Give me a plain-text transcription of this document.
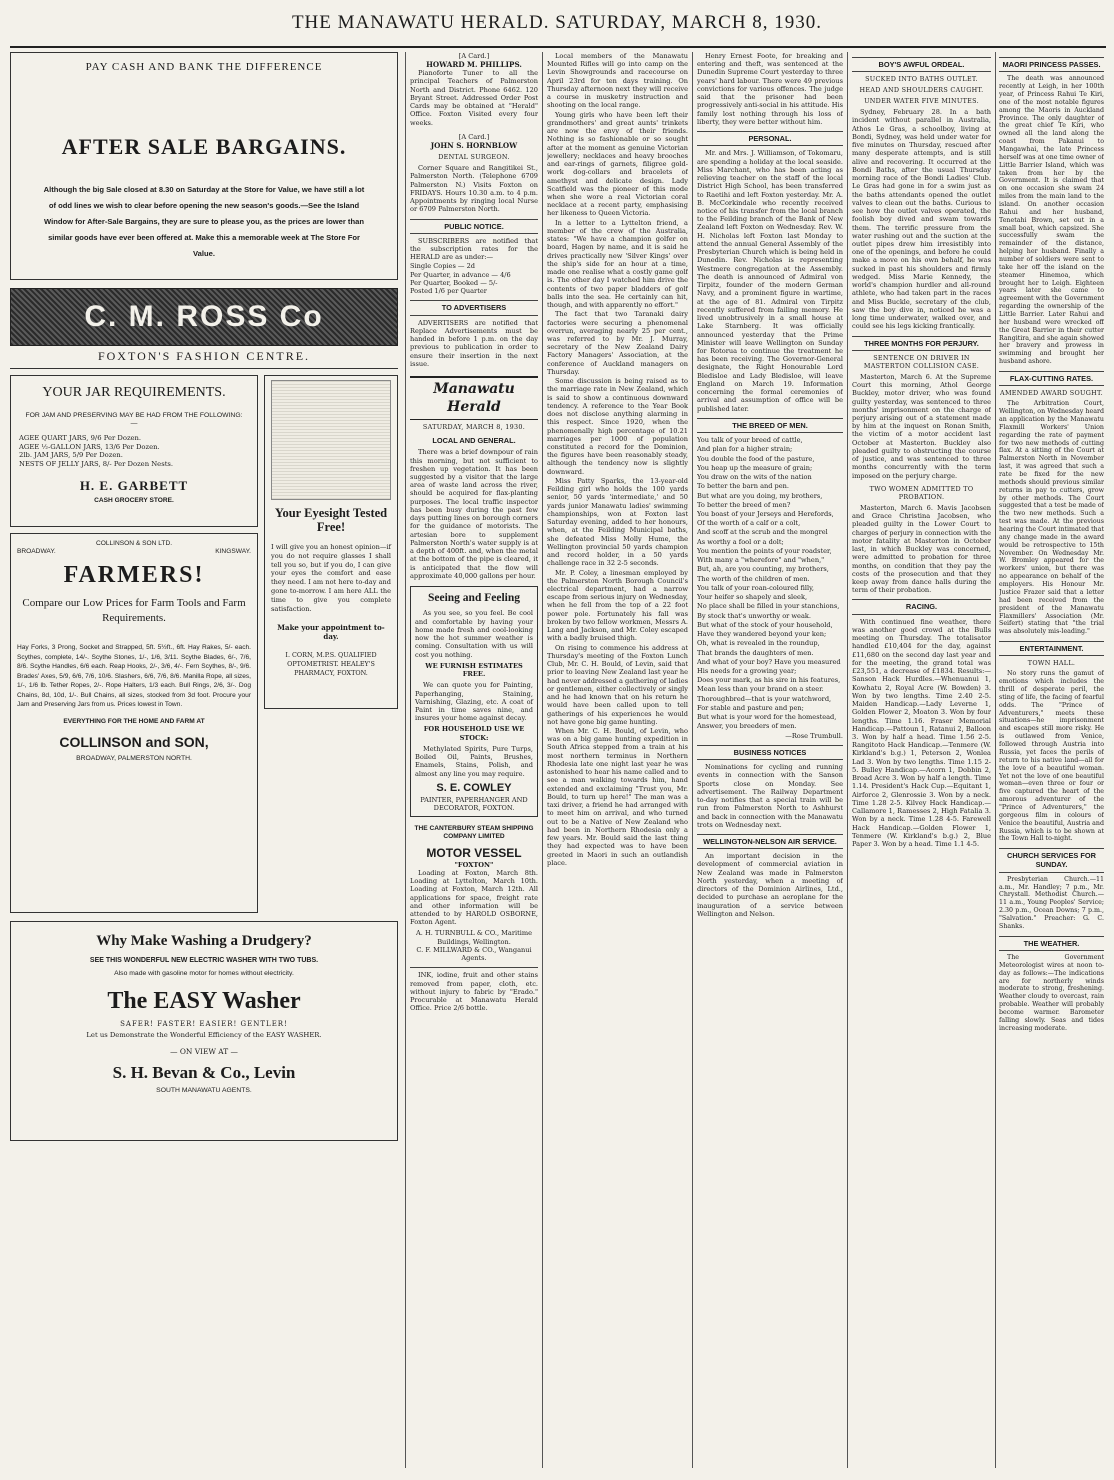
THE MANAWATU HERALD. SATURDAY, MARCH 8, 1930.
PAY CASH AND BANK THE DIFFERENCE
AFTER SALE BARGAINS.
Although the big Sale closed at 8.30 on Saturday at the Store for Value, we have still a lot of odd lines we wish to clear before opening the new season's goods.—See the Island Window for After-Sale Bargains, they are sure to please you, as the prices are lower than similar goods have ever been offered at. Make this a memorable week at The Store For Value.
C. M. ROSS Co
FOXTON'S FASHION CENTRE.
YOUR JAR REQUIREMENTS.
FOR JAM AND PRESERVING MAY BE HAD FROM THE FOLLOWING:—
AGEE QUART JARS, 9/6 Per Dozen.
AGEE ½-GALLON JARS, 13/6 Per Dozen.
2lb. JAM JARS, 5/9 Per Dozen.
NESTS OF JELLY JARS, 8/- Per Dozen Nests.
H. E. GARBETT
CASH GROCERY STORE.
COLLINSON & SON LTD.
BROADWAY.	KINGSWAY.
FARMERS!
Compare our Low Prices for Farm Tools and Farm Requirements.
Hay Forks, 3 Prong, Socket and Strapped, 5ft. 5½ft., 6ft. Hay Rakes, 5/- each. Scythes, complete, 14/-. Scythe Stones, 1/-, 1/6, 3/11. Scythe Blades, 6/-, 7/6, 8/6. Scythe Handles, 6/6 each. Reap Hooks, 2/-, 3/6, 4/-. Fern Scythes, 8/-, 9/6. Brades' Axes, 5/9, 6/6, 7/6, 10/6. Slashers, 6/6, 7/6, 8/6. Manilla Rope, all sizes, 1/-, 1/6 lb. Tether Ropes, 2/-. Rope Halters, 1/3 each. Bull Rings, 2/6, 3/-. Dog Chains, 8d, 10d, 1/-. Bull Chains, all sizes, stocked from 3d foot. Procure your Jam and Preserving Jars from us. Prices lowest in Town.
EVERYTHING FOR THE HOME AND FARM AT
COLLINSON and SON,
BROADWAY, PALMERSTON NORTH.
Your Eyesight Tested Free!
I will give you an honest opinion—if you do not require glasses I shall tell you so, but if you do, I can give your eyes the comfort and ease they need. I am not here to-day and gone to-morrow. I am here ALL the time to give you complete satisfaction.
Make your appointment to-day.
I. CORN, M.P.S. QUALIFIED OPTOMETRIST. HEALEY'S PHARMACY, FOXTON.
Why Make Washing a Drudgery?
SEE THIS WONDERFUL NEW ELECTRIC WASHER WITH TWO TUBS.
Also made with gasoline motor for homes without electricity.
The EASY Washer
SAFER! FASTER! EASIER! GENTLER!
Let us Demonstrate the Wonderful Efficiency of the EASY WASHER.
— ON VIEW AT —
S. H. Bevan & Co., Levin
SOUTH MANAWATU AGENTS.
[A Card.]
HOWARD M. PHILLIPS.

Pianoforte Tuner to all the principal Teachers of Palmerston North and District. Phone 6462. 120 Bryant Street. Addressed Order Post Cards may be obtained at "Herald" Office. Foxton Visited every four weeks.

[A Card.]
JOHN S. HORNBLOW
DENTAL SURGEON.

Corner Square and Rangitikei St., Palmerston North. (Telephone 6709 Palmerston N.) Visits Foxton on FRIDAYS. Hours 10.30 a.m. to 4 p.m. Appointments by ringing local Nurse or 6709 Palmerston North.

PUBLIC NOTICE.

SUBSCRIBERS are notified that the subscription rates for the HERALD are as under:—

Single Copies — 2d
Per Quarter, in advance — 4/6
Per Quarter, Booked — 5/-
Posted 1/6 per Quarter
TO ADVERTISERS

ADVERTISERS are notified that Replace Advertisements must be handed in before 1 p.m. on the day previous to publication in order to ensure their insertion in the next issue.

Manawatu Herald
SATURDAY, MARCH 8, 1930.
LOCAL AND GENERAL.

There was a brief downpour of rain this morning, but not sufficient to freshen up vegetation. It has been suggested by a visitor that the large area of waste land across the river, should be acquired for flax-planting purposes. The local traffic inspector has been busy during the past few days putting lines on borough corners for the guidance of motorists. The artesian bore to supplement Palmerston North's water supply is at a depth of 400ft. and, when the metal at the bottom of the pipe is cleared, it is anticipated that the flow will approximate 40,000 gallons per hour.

Seeing and Feeling

As you see, so you feel. Be cool and comfortable by having your home made fresh and cool-looking now the hot summer weather is coming. Consultation with us will cost you nothing.

WE FURNISH ESTIMATES FREE.

We can quote you for Painting, Paperhanging, Staining, Varnishing, Glazing, etc. A coat of Paint in time saves nine, and insures your home against decay.

FOR HOUSEHOLD USE WE STOCK:

Methylated Spirits, Pure Turps, Boiled Oil, Paints, Brushes, Enamels, Stains, Polish, and almost any line you may require.

S. E. COWLEY
PAINTER, PAPERHANGER AND DECORATOR, FOXTON.
THE CANTERBURY STEAM SHIPPING COMPANY LIMITED
MOTOR VESSEL
"FOXTON"

Loading at Foxton, March 8th. Loading at Lyttelton, March 10th. Loading at Foxton, March 12th. All applications for space, freight rate and other information will be attended to by HAROLD OSBORNE, Foxton Agent.

A. H. TURNBULL & CO., Maritime Buildings, Wellington.
C. F. MILLWARD & CO., Wanganui Agents.

INK, iodine, fruit and other stains removed from paper, cloth, etc. without injury to fabric by "Erado." Procurable at Manawatu Herald Office. Price 2/6 bottle.

Local members of the Manawatu Mounted Rifles will go into camp on the Levin Showgrounds and racecourse on April 23rd for ten days training. On Thursday afternoon next they will receive a course in musketry instruction and shooting on the local range.

Young girls who have been left their grandmothers' and great aunts' trinkets are now the envy of their friends. Nothing is so fashionable or so sought after at the moment as genuine Victorian jewellery; necklaces and heavy brooches and ear-rings of garnets, filigree gold-work dog-collars and bracelets of amethyst and delicate design. Lady Scatfield was the pioneer of this mode when she wore a real Victorian coral necklace at a recent party, emphasising her likeness to Queen Victoria.

In a letter to a Lyttelton friend, a member of the crew of the Australia, states: "We have a champion golfer on board, Hagen by name, and it is said he drives practically new 'Silver Kings' over the ship's side for an hour at a time, made one realise what a costly game golf is. The other day I watched him drive the contents of two paper bladders of golf balls into the sea. He certainly can hit, though, and with apparently no effort."

The fact that two Taranaki dairy factories were securing a phenomenal overrun, averaging nearly 25 per cent., was referred to by Mr. J. Murray, secretary of the New Zealand Dairy Factory Managers' Association, at the conference of Auckland managers on Thursday.

Some discussion is being raised as to the marriage rate in New Zealand, which is said to show a continuous downward tendency. A reference to the Year Book does not disclose anything alarming in this respect. Since 1920, when the phenomenally high percentage of 10.21 marriages per 1000 of population constituted a record for the Dominion, the figures have been reasonably steady, although the tendency now is slightly downward.

Miss Patty Sparks, the 13-year-old Feilding girl who holds the 100 yards senior, 50 yards 'intermediate,' and 50 yards junior Manawatu ladies' swimming championships, won at Foxton last Saturday evening, added to her honours, when, at the Feilding Municipal baths, she defeated Miss Molly Hume, the Wellington provincial 50 yards champion and record holder, in a 50 yards challenge race in 32 2-5 seconds.

Mr. P. Coley, a linesman employed by the Palmerston North Borough Council's electrical department, had a narrow escape from serious injury on Wednesday, when he fell from the top of a 22 foot power pole. Fortunately his fall was broken by two fellow workmen, Messrs A. Lang and Jackson, and Mr. Coley escaped with a badly bruised thigh.

On rising to commence his address at Thursday's meeting of the Foxton Lunch Club, Mr. C. H. Bould, of Levin, said that prior to leaving New Zealand last year he had never addressed a gathering of ladies or gentlemen, either collectively or singly and he had known that on his return he would have been called upon to tell gatherings of his experiences he would not have gone big game hunting.

When Mr. C. H. Bould, of Levin, who was on a big game hunting expedition in South Africa stepped from a train at his most northern terminus in Northern Rhodesia late one night last year he was astonished to hear his name called and to see a man walking towards him, hand extended and exclaiming "Trust you, Mr. Bould, to turn up here!" The man was a taxi driver, a friend he had arranged with to meet him on arrival, and who turned out to be a Native of New Zealand who had been in Northern Rhodesia only a few years. Mr. Bould said the last thing they had expected was to have been greeted in Maori in such an outlandish place.

Henry Ernest Foote, for breaking and entering and theft, was sentenced at the Dunedin Supreme Court yesterday to three years' hard labour. There were 49 previous convictions for various offences. The judge said that the prisoner had been progressively anti-social in his attitude. His family lost nothing through his loss of liberty, they were better without him.

PERSONAL.

Mr. and Mrs. J. Williamson, of Tokomaru, are spending a holiday at the local seaside. Miss Marchant, who has been acting as relieving teacher on the staff of the local District High School, has been transferred to Raetihi and left Foxton yesterday. Mr. A. B. McCorkindale who recently received notice of his transfer from the local branch to the Feilding branch of the Bank of New Zealand left Foxton on Wednesday. Rev. W. H. Nicholas left Foxton last Monday to attend the annual General Assembly of the Presbyterian Church which is being held in Dunedin. Rev. Nicholas is representing Westmere congregation at the Assembly. The death is announced of Admiral von Tirpitz, founder of the modern German Navy, and a prominent figure in wartime, at the age of 81. Admiral von Tirpitz recently suffered from failing memory. He lived unobtrusively in a small house at Lake Starnberg. It was officially announced yesterday that the Prime Minister will leave Wellington on Sunday for Rotorua to continue the treatment he has been receiving. The Governor-General designate, the Right Honourable Lord Bledisloe and Lady Bledisloe, will leave England on March 19. Information concerning the formal ceremonies of arrival and assumption of office will be published later.

THE BREED OF MEN.

You talk of your breed of cattle,

And plan for a higher strain;

You double the food of the pasture,

You heap up the measure of grain;

You draw on the wits of the nation

To better the barn and pen.

But what are you doing, my brothers,

To better the breed of men?

You boast of your Jerseys and Herefords,

Of the worth of a calf or a colt,

And scoff at the scrub and the mongrel

As worthy a fool or a dolt;

You mention the points of your roadster,

With many a "wherefore" and "when,"

But, ah, are you counting, my brothers,

The worth of the children of men.

You talk of your roan-coloured filly,

Your heifer so shapely and sleek,

No place shall be filled in your stanchions,

By stock that's unworthy or weak.

But what of the stock of your household,

Have they wandered beyond your ken;

Oh, what is revealed in the roundup,

That brands the daughters of men.

And what of your boy? Have you measured

His needs for a growing year;

Does your mark, as his sire in his features,

Mean less than your brand on a steer.

Thoroughbred—that is your watchword,

For stable and pasture and pen;

But what is your word for the homestead,

Answer, you breeders of men.

—Rose Trumbull.
BUSINESS NOTICES

Nominations for cycling and running events in connection with the Sanson Sports close on Monday. See advertisement. The Railway Department to-day notifies that a special train will be run from Palmerston North to Ashhurst and back in connection with the Manawatu trots on Wednesday next.

WELLINGTON-NELSON AIR SERVICE.

An important decision in the development of commercial aviation in New Zealand was made in Palmerston North yesterday, when a meeting of directors of the Dominion Airlines, Ltd., decided to purchase an aeroplane for the inauguration of a service between Wellington and Nelson.

BOY'S AWFUL ORDEAL.
SUCKED INTO BATHS OUTLET.
HEAD AND SHOULDERS CAUGHT.
UNDER WATER FIVE MINUTES.

Sydney, February 28. In a bath incident without parallel in Australia, Athos Le Gras, a schoolboy, living at Bondi, Sydney, was held under water for five minutes on Thursday, rescued after many desperate attempts, and is still alive and recovering. It occurred at the Bondi Baths, after the usual Thursday morning race of the Bondi Ladies' Club. Le Gras had gone in for a swim just as the baths attendants opened the outlet valves to clean out the baths. Curious to see how the outlet valves operated, the foolish boy dived and swam towards them. The terrific pressure from the water rushing out and the suction at the outlet pipes drew him irresistibly into one of the openings, and before he could make a move on his own behalf, he was sucked in past his shoulders and firmly wedged. Miss Marie Kennedy, the world's champion hurdler and all-round athlete, who had taken part in the races and Miss Buckle, secretary of the club, saw the boy dive in, noticed he was a long time underwater, walked over, and could see his legs kicking frantically.

THREE MONTHS FOR PERJURY.
SENTENCE ON DRIVER IN MASTERTON COLLISION CASE.

Masterton, March 6. At the Supreme Court this morning, Athol George Buckley, motor driver, who was found guilty yesterday, was sentenced to three months' imprisonment on the charge of perjury arising out of a statement made by him at the inquest on Ronan Smith, the victim of a motor accident last October at Masterton. Buckley also pleaded guilty to obstructing the course of justice, and was sentenced to three months concurrently with the term imposed on the perjury charge.

TWO WOMEN ADMITTED TO PROBATION.

Masterton, March 6. Mavis Jacobsen and Grace Christina Jacobsen, who pleaded guilty in the Lower Court to charges of perjury in connection with the motor fatality at Masterton in October last, in which Buckley was concerned, were admitted to probation for three months, on condition that they pay the costs of the prosecution and that they keep away from dance halls during the term of their probation.

RACING.

With continued fine weather, there was another good crowd at the Bulls meeting on Thursday. The totalisator handled £10,404 for the day, against £11,680 on the second day last year and for the meeting, the grand total was £23,551, a decrease of £1834. Results:— Sanson Hack Hurdles.—Whenuanui 1, Kowhatu 2, Royal Acre (W. Bowden) 3. Won by two lengths. Time 2.40 2-5. Maiden Handicap.—Lady Leverne 1, Golden Flower 2, Moaton 3. Won by four lengths. Time 1.16. Fraser Memorial Handicap.—Pattoun 1, Ratanui 2, Balloon 3. Won by half a head. Time 1.56 2-5. Rangitoto Hack Handicap.—Tenmere (W. Kirkland's b.g.) 1, Peterson 2, Wonlea Lad 3. Won by two lengths. Time 1.15 2-5. Bulley Handicap.—Acorn 1, Dobbin 2, Broad Acre 3. Won by half a length. Time 1.14. President's Hack Cup.—Equitant 1, Airforce 2, Glenrossie 3. Won by a neck. Time 1.28 2-5. Kilvey Hack Handicap.—Callamore 1, Ramesses 2, High Fatalia 3. Won by a neck. Time 1.28 4-5. Farewell Hack Handicap.—Golden Flower 1, Tenmere (W. Kirkland's b.g.) 2, Blue Paper 3. Won by a head. Time 1.1 4-5.

MAORI PRINCESS PASSES.

The death was announced recently at Leigh, in her 100th year, of Princess Rahui Te Kiri, one of the most notable figures among the Maoris in Auckland Province. The only daughter of the great chief Te Kiri, who owned all the land along the coast from Pakanui to Mangawhai, the late Princess herself was at one time owner of Little Barrier Island, which was taken from her by the Government. It is claimed that on one occasion she swam 24 miles from the main land to the island. On another occasion Rahui and her husband, Tenetahi Brown, set out in a small boat, which capsized. She successfully swam the remainder of the distance, helping her husband. Finally a number of soldiers were sent to take her off the island on the steamer Hinemoa, which brought her to Leigh. Eighteen years later she came to agreement with the Government regarding the ownership of the Little Barrier. Later Rahui and her husband were wrecked off the Great Barrier in their cutter Rangitira, and she again showed her bravery and prowess in swimming and brought her husband ashore.

FLAX-CUTTING RATES.
AMENDED AWARD SOUGHT.

The Arbitration Court, Wellington, on Wednesday heard an application by the Manawatu Flaxmill Workers' Union regarding the rate of payment for two new methods of cutting flax. At a sitting of the Court at Palmerston North in November last, it was agreed that such a rate be fixed for the new methods should previous similar returns in pay to cutters, grow by other methods. The Court suggested that a test be made of the two new methods. Such a test was made. At the previous hearing the Court intimated that any change made in the award would be retrospective to 15th November. On Wednesday Mr. W. Bromley appeared for the workers' union, but there was no appearance on behalf of the employers. His Honour Mr. Justice Frazer said that a letter had been received from the president of the Manawatu Flaxmillers' Association (Mr. Seifert) stating that "the trial was absolutely mis-leading."

ENTERTAINMENT.
TOWN HALL.

No story runs the gamut of emotions which includes the thrill of desperate peril, the sting of life, the facing of fearful odds. The "Prince of Adventurers," meets these situations—he imprisonment and escapes still more risky. He is outlawed from Venice, followed through Austria into Russia, yet faces the perils of return to his native land—all for the love of a beautiful woman. Yet not the love of one beautiful woman—even three or four or five captured the heart of the amorous adventurer of the "Prince of Adventurers," the gorgeous film in colours of Venice the beautiful, Austria and Russia, which is to be shown at the Town Hall to-night.

CHURCH SERVICES FOR SUNDAY.

Presbyterian Church.—11 a.m., Mr. Handley; 7 p.m., Mr. Chrystall. Methodist Church.—11 a.m., Young Peoples' Service; 2.30 p.m., Ocean Downs; 7 p.m., "Salvation." Preacher: G. C. Shanks.

THE WEATHER.

The Government Meteorologist wires at noon to-day as follows:—The indications are for northerly winds moderate to strong, freshening. Weather cloudy to overcast, rain probable. Weather will probably become warmer. Barometer falling slowly. Seas and tides increasing moderate.
